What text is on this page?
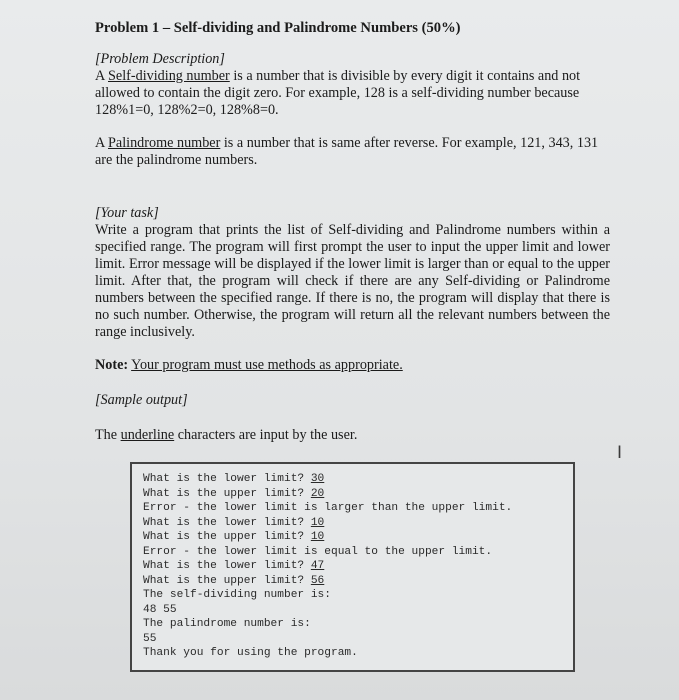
Problem 1 – Self-dividing and Palindrome Numbers (50%)
[Problem Description]

A Self-dividing number is a number that is divisible by every digit it contains and not allowed to contain the digit zero. For example, 128 is a self-dividing number because 128%1=0, 128%2=0, 128%8=0.

A Palindrome number is a number that is same after reverse. For example, 121, 343, 131 are the palindrome numbers.

[Your task]

Write a program that prints the list of Self-dividing and Palindrome numbers within a specified range. The program will first prompt the user to input the upper limit and lower limit. Error message will be displayed if the lower limit is larger than or equal to the upper limit. After that, the program will check if there are any Self-dividing or Palindrome numbers between the specified range. If there is no, the program will display that there is no such number. Otherwise, the program will return all the relevant numbers between the range inclusively.

Note: Your program must use methods as appropriate.

[Sample output]

The underline characters are input by the user.

What is the lower limit? 30
What is the upper limit? 20
Error - the lower limit is larger than the upper limit.
What is the lower limit? 10
What is the upper limit? 10
Error - the lower limit is equal to the upper limit.
What is the lower limit? 47
What is the upper limit? 56
The self-dividing number is:
48 55
The palindrome number is:
55
Thank you for using the program.
Ⅰ
